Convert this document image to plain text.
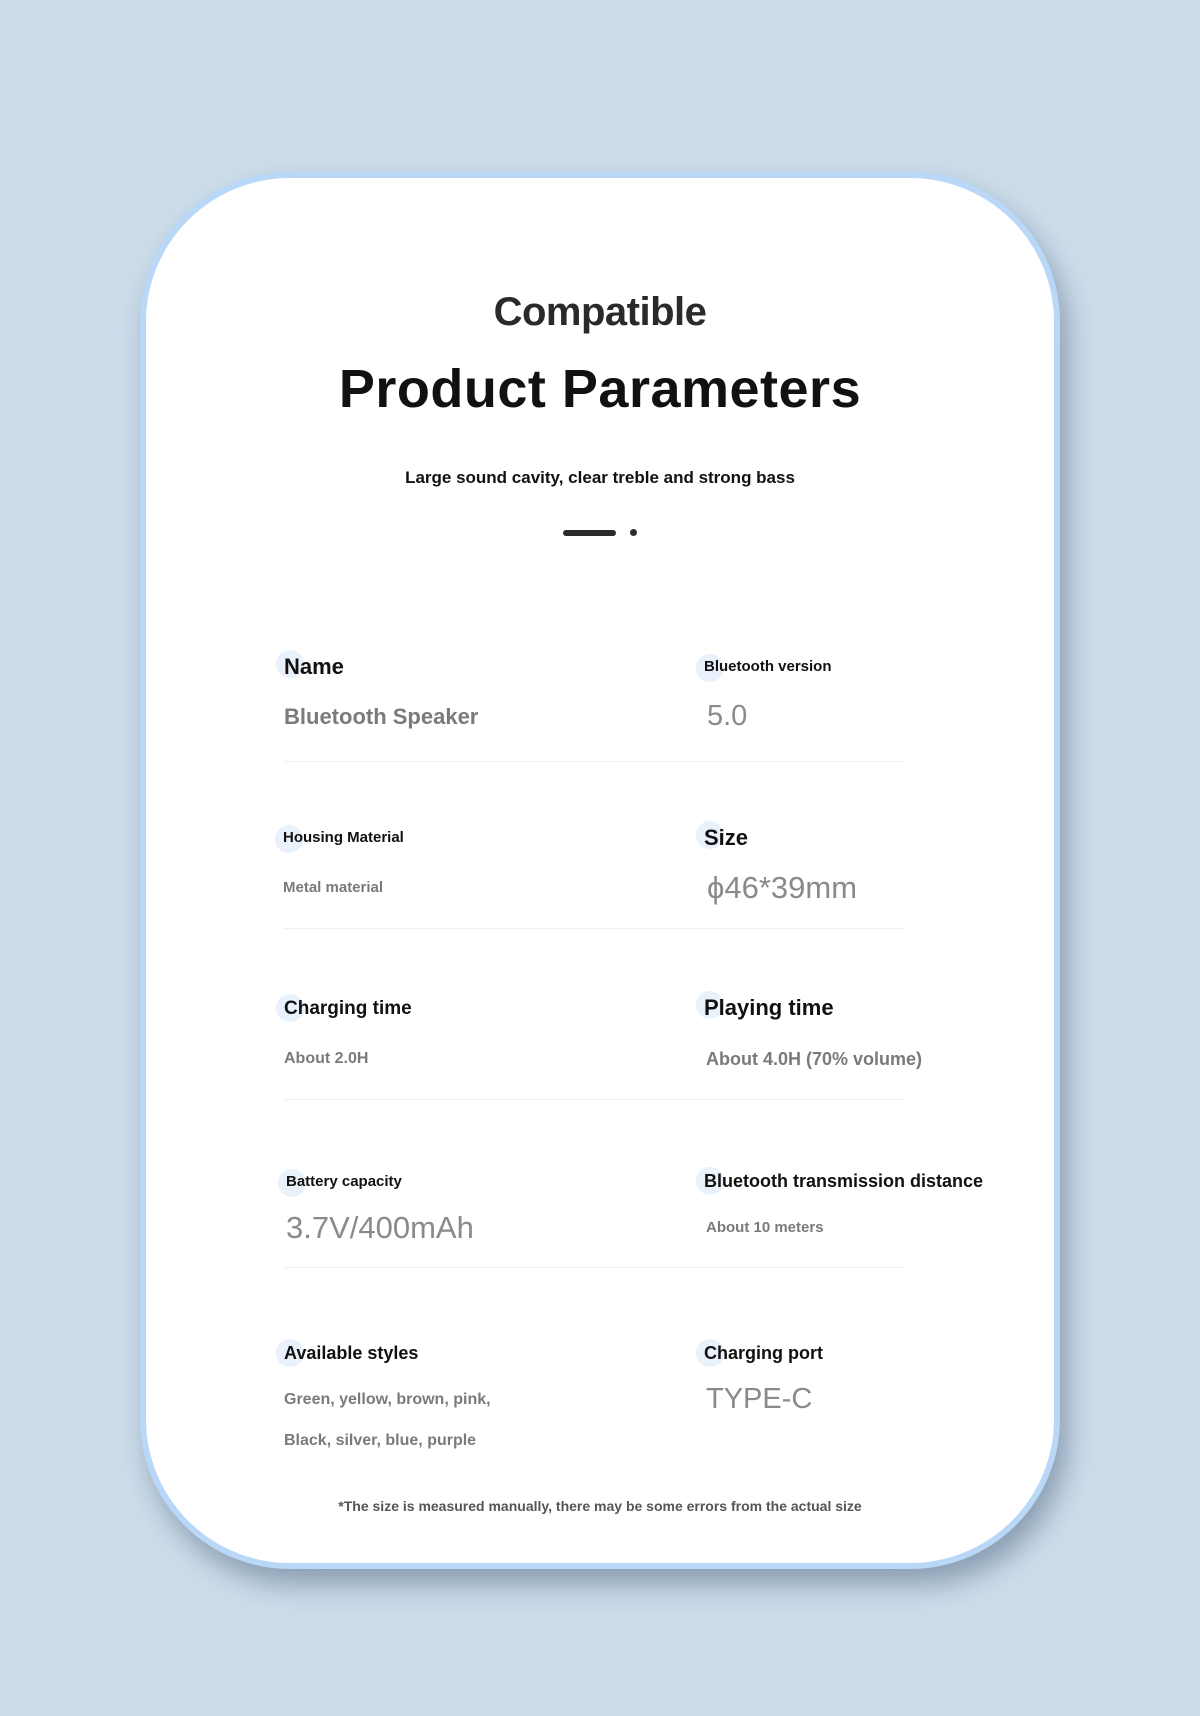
Compatible
Product Parameters
Large sound cavity, clear treble and strong bass
Name
Bluetooth Speaker
Bluetooth version
5.0
Housing Material
Metal material
Size
ϕ46*39mm
Charging time
About 2.0H
Playing time
About 4.0H (70% volume)
Battery capacity
3.7V/400mAh
Bluetooth transmission distance
About 10 meters
Available styles
Green, yellow, brown, pink,
Black, silver, blue, purple
Charging port
TYPE-C
*The size is measured manually, there may be some errors from the actual size
